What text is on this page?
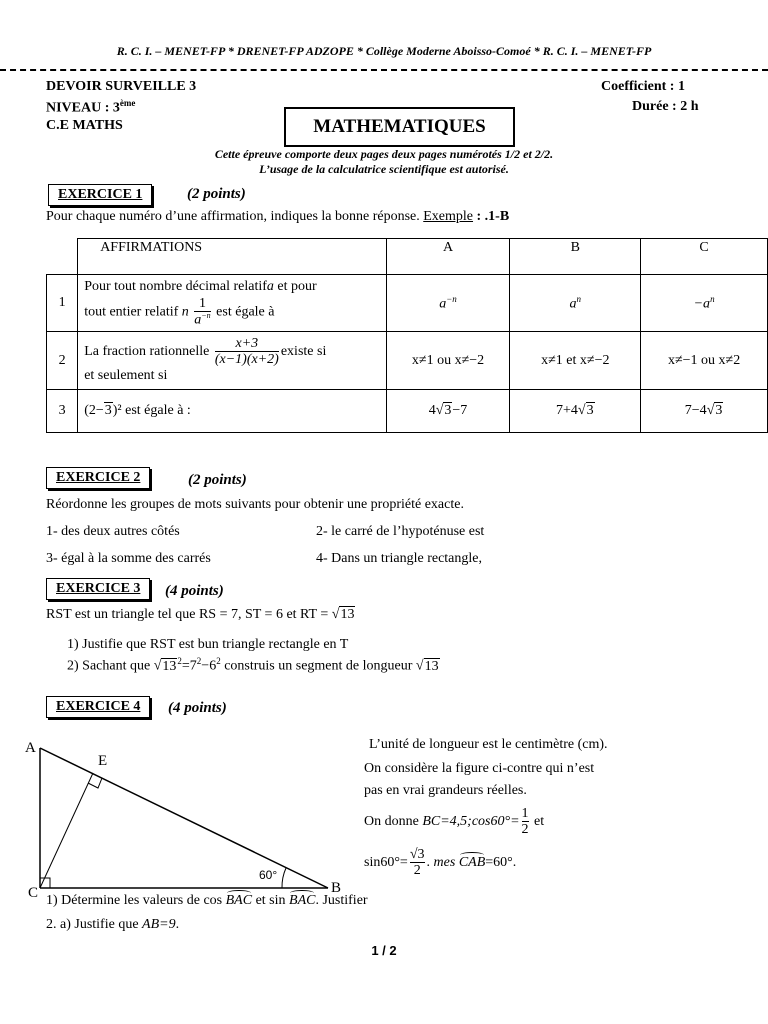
R. C. I. – MENET-FP * DRENET-FP ADZOPE * Collège Moderne Aboisso-Comoé * R. C. I. – MENET-FP
DEVOIR SURVEILLE 3
NIVEAU : 3ème
C.E MATHS
Coefficient : 1
Durée : 2 h
MATHEMATIQUES
Cette épreuve comporte deux pages deux pages numérotés 1/2 et 2/2.
L’usage de la calculatrice scientifique est autorisé.
EXERCICE 1	(2 points)
Pour chaque numéro d’une affirmation, indiques la bonne réponse. Exemple : .1-B
	AFFIRMATIONS	A	B	C
1	Pour tout nombre décimal relatifa et pour
tout entier relatif n $\frac{1}{a^{-n}}$ est égale à	$a^{-n}$	$a^n$	$-a^n$
2	La fraction rationnelle $\frac{x+3}{(x-1)(x+2)}$ existe si
et seulement si	x≠1 ou x≠−2	x≠1 et x≠−2	x≠−1 ou x≠2
3	(2−3)² est égale à :	4√3−7	7+4√3	7−4√3
EXERCICE 2	(2 points)
Réordonne les groupes de mots suivants pour obtenir une propriété exacte.
1- des deux autres côtés	2- le carré de l’hypoténuse est
3- égal à la somme des carrés	4- Dans un triangle rectangle,
EXERCICE 3	(4 points)
RST est un triangle tel que RS = 7, ST = 6 et RT = √13
1) Justifie que RST est bun triangle rectangle en T
2) Sachant que $√13^2=7^2-6^2$ construis un segment de longueur √13
EXERCICE 4	(4 points)
A
E
C	B
60°
L’unité de longueur est le centimètre (cm).
On considère la figure ci-contre qui n’est
pas en vrai grandeurs réelles.
On donne BC=4,5;cos60°= $\frac{1}{2}$ et
$\sin 60^\circ= \frac{√3}{2}$ . mes CAB=60°.
1) Détermine les valeurs de cos BAC et sin BAC. Justifier
2. a) Justifie que AB=9.
1 / 2
